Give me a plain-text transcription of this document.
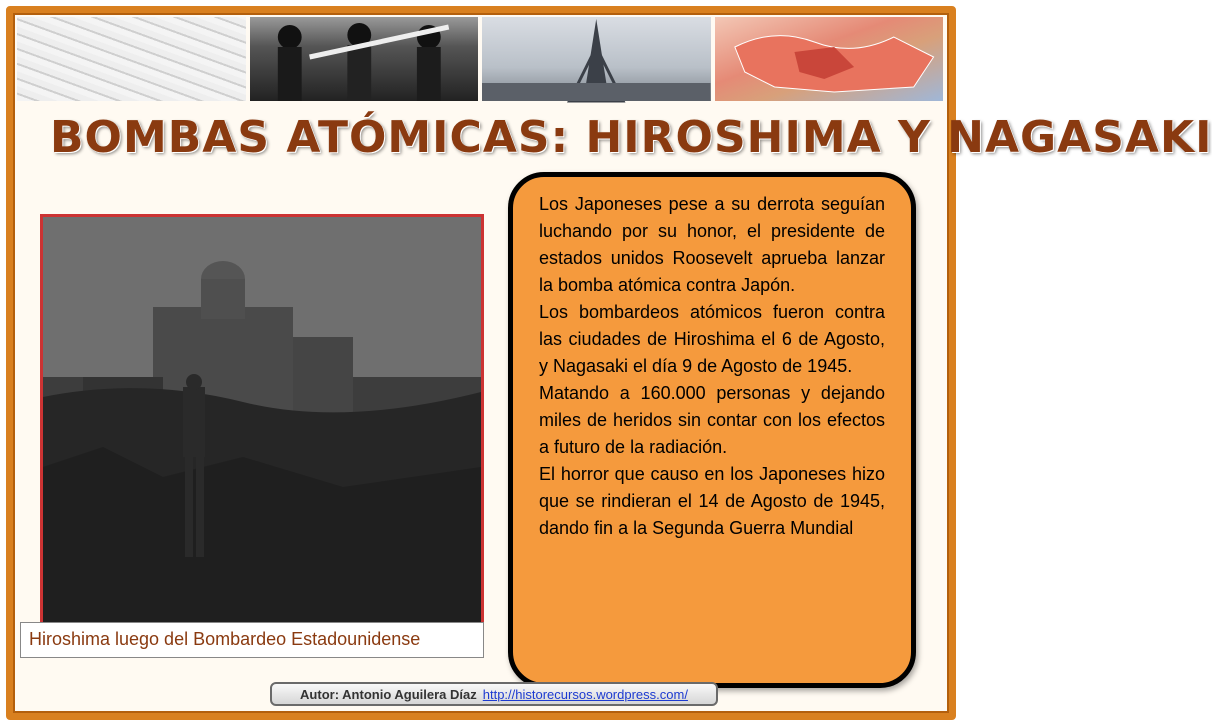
BOMBAS ATÓMICAS: HIROSHIMA Y NAGASAKI
Hiroshima luego del Bombardeo Estadounidense

Los Japoneses pese a su derrota seguían luchando por su honor, el presidente de estados unidos Roosevelt aprueba lanzar la bomba atómica contra Japón.

Los bombardeos atómicos fueron contra las ciudades de Hiroshima el 6 de Agosto, y Nagasaki el día 9 de Agosto de 1945.

Matando a 160.000 personas y dejando miles de heridos sin contar con los efectos a futuro de la radiación.

El horror que causo en los Japoneses hizo que se rindieran el 14 de Agosto de 1945, dando fin a la Segunda Guerra Mundial

Autor: Antonio Aguilera Díaz http://historecursos.wordpress.com/
